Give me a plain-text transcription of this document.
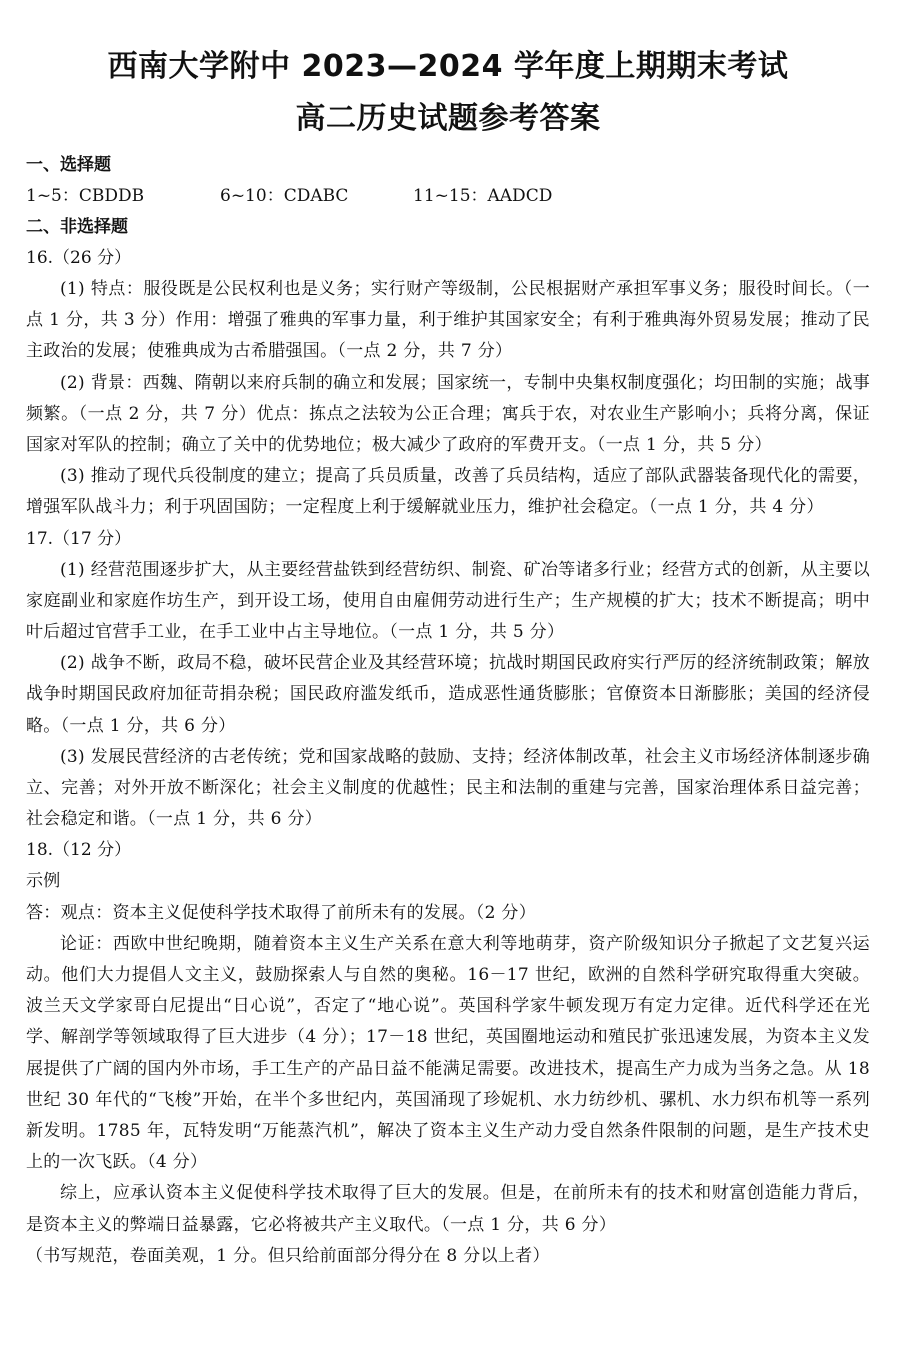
西南大学附中 2023—2024 学年度上期期末考试
高二历史试题参考答案
一、选择题
1~5：CBDDB	6~10：CDABC	11~15：AADCD
二、非选择题
16.（26 分）

(1) 特点：服役既是公民权利也是义务；实行财产等级制，公民根据财产承担军事义务；服役时间长。（一点 1 分，共 3 分）作用：增强了雅典的军事力量，利于维护其国家安全；有利于雅典海外贸易发展；推动了民主政治的发展；使雅典成为古希腊强国。（一点 2 分，共 7 分）

(2) 背景：西魏、隋朝以来府兵制的确立和发展；国家统一，专制中央集权制度强化；均田制的实施；战事频繁。（一点 2 分，共 7 分）优点：拣点之法较为公正合理；寓兵于农，对农业生产影响小；兵将分离，保证国家对军队的控制；确立了关中的优势地位；极大减少了政府的军费开支。（一点 1 分，共 5 分）

(3) 推动了现代兵役制度的建立；提高了兵员质量，改善了兵员结构，适应了部队武器装备现代化的需要，增强军队战斗力；利于巩固国防；一定程度上利于缓解就业压力，维护社会稳定。（一点 1 分，共 4 分）

17.（17 分）

(1) 经营范围逐步扩大，从主要经营盐铁到经营纺织、制瓷、矿冶等诸多行业；经营方式的创新，从主要以家庭副业和家庭作坊生产，到开设工场，使用自由雇佣劳动进行生产；生产规模的扩大；技术不断提高；明中叶后超过官营手工业，在手工业中占主导地位。（一点 1 分，共 5 分）

(2) 战争不断，政局不稳，破坏民营企业及其经营环境；抗战时期国民政府实行严厉的经济统制政策；解放战争时期国民政府加征苛捐杂税；国民政府滥发纸币，造成恶性通货膨胀；官僚资本日渐膨胀；美国的经济侵略。（一点 1 分，共 6 分）

(3) 发展民营经济的古老传统；党和国家战略的鼓励、支持；经济体制改革，社会主义市场经济体制逐步确立、完善；对外开放不断深化；社会主义制度的优越性；民主和法制的重建与完善，国家治理体系日益完善；社会稳定和谐。（一点 1 分，共 6 分）

18.（12 分）

示例

答：观点：资本主义促使科学技术取得了前所未有的发展。（2 分）

论证：西欧中世纪晚期，随着资本主义生产关系在意大利等地萌芽，资产阶级知识分子掀起了文艺复兴运动。他们大力提倡人文主义，鼓励探索人与自然的奥秘。16－17 世纪，欧洲的自然科学研究取得重大突破。波兰天文学家哥白尼提出“日心说”，否定了“地心说”。英国科学家牛顿发现万有定力定律。近代科学还在光学、解剖学等领域取得了巨大进步（4 分）；17－18 世纪，英国圈地运动和殖民扩张迅速发展，为资本主义发展提供了广阔的国内外市场，手工生产的产品日益不能满足需要。改进技术，提高生产力成为当务之急。从 18 世纪 30 年代的“飞梭”开始，在半个多世纪内，英国涌现了珍妮机、水力纺纱机、骡机、水力织布机等一系列新发明。1785 年，瓦特发明“万能蒸汽机”，解决了资本主义生产动力受自然条件限制的问题，是生产技术史上的一次飞跃。（4 分）

综上，应承认资本主义促使科学技术取得了巨大的发展。但是，在前所未有的技术和财富创造能力背后，是资本主义的弊端日益暴露，它必将被共产主义取代。（一点 1 分，共 6 分）

（书写规范，卷面美观，1 分。但只给前面部分得分在 8 分以上者）
